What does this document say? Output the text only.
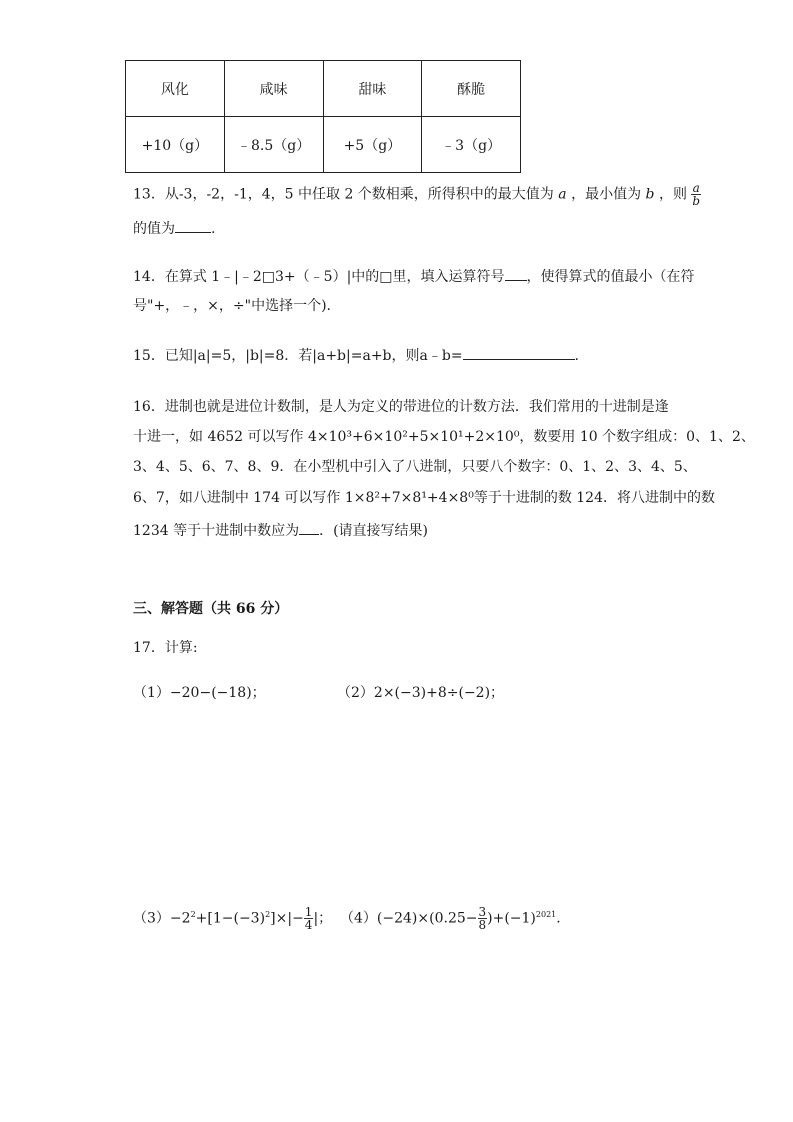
风化	咸味	甜味	酥脆
+10（g）	﹣8.5（g）	+5（g）	﹣3（g）
13．从-3，-2，-1，4，5 中任取 2 个数相乘，所得积中的最大值为 a ，最小值为 b ，则 $\frac{a}{b}$
的值为	.
14．在算式 1﹣|﹣2□3+（﹣5）|中的□里，填入运算符号 ，使得算式的值最小（在符
号"+，﹣，×，÷"中选择一个).
15．已知|a|=5，|b|=8．若|a+b|=a+b，则a﹣b=	.
16．进制也就是进位计数制，是人为定义的带进位的计数方法．我们常用的十进制是逢
十进一，如 4652 可以写作 4×10³+6×10²+5×10¹+2×10⁰，数要用 10 个数字组成：0、1、2、
3、4、5、6、7、8、9．在小型机中引入了八进制，只要八个数字：0、1、2、3、4、5、
6、7，如八进制中 174 可以写作 1×8²+7×8¹+4×8⁰等于十进制的数 124．将八进制中的数
1234 等于十进制中数应为 ．(请直接写结果)
三、解答题（共 66 分）
17．计算:
（1）−20−(−18)；	（2）2×(−3)+8÷(−2)；
$(3)-2^2+[1-(-3)^2]\times|- \frac{1}{4}$ |； $(4)(-24)\times(0.25- \frac{3}{8} )+(-1)^{2021}$.
